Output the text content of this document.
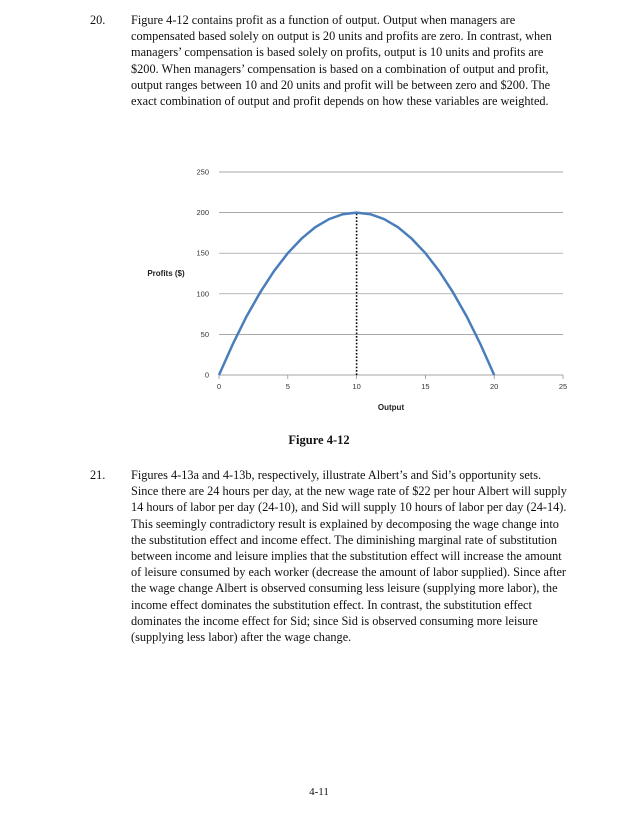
20. Figure 4-12 contains profit as a function of output. Output when managers are compensated based solely on output is 20 units and profits are zero. In contrast, when managers’ compensation is based solely on profits, output is 10 units and profits are $200. When managers’ compensation is based on a combination of output and profit, output ranges between 10 and 20 units and profit will be between zero and $200. The exact combination of output and profit depends on how these variables are weighted.
0
50
100
150
200
250
0	5	10	15	20	25
Profits ($)
Output
Figure 4-12
21. Figures 4-13a and 4-13b, respectively, illustrate Albert’s and Sid’s opportunity sets. Since there are 24 hours per day, at the new wage rate of $22 per hour Albert will supply 14 hours of labor per day (24-10), and Sid will supply 10 hours of labor per day (24-14). This seemingly contradictory result is explained by decomposing the wage change into the substitution effect and income effect. The diminishing marginal rate of substitution between income and leisure implies that the substitution effect will increase the amount of leisure consumed by each worker (decrease the amount of labor supplied). Since after the wage change Albert is observed consuming less leisure (supplying more labor), the income effect dominates the substitution effect. In contrast, the substitution effect dominates the income effect for Sid; since Sid is observed consuming more leisure (supplying less labor) after the wage change.
4-11
